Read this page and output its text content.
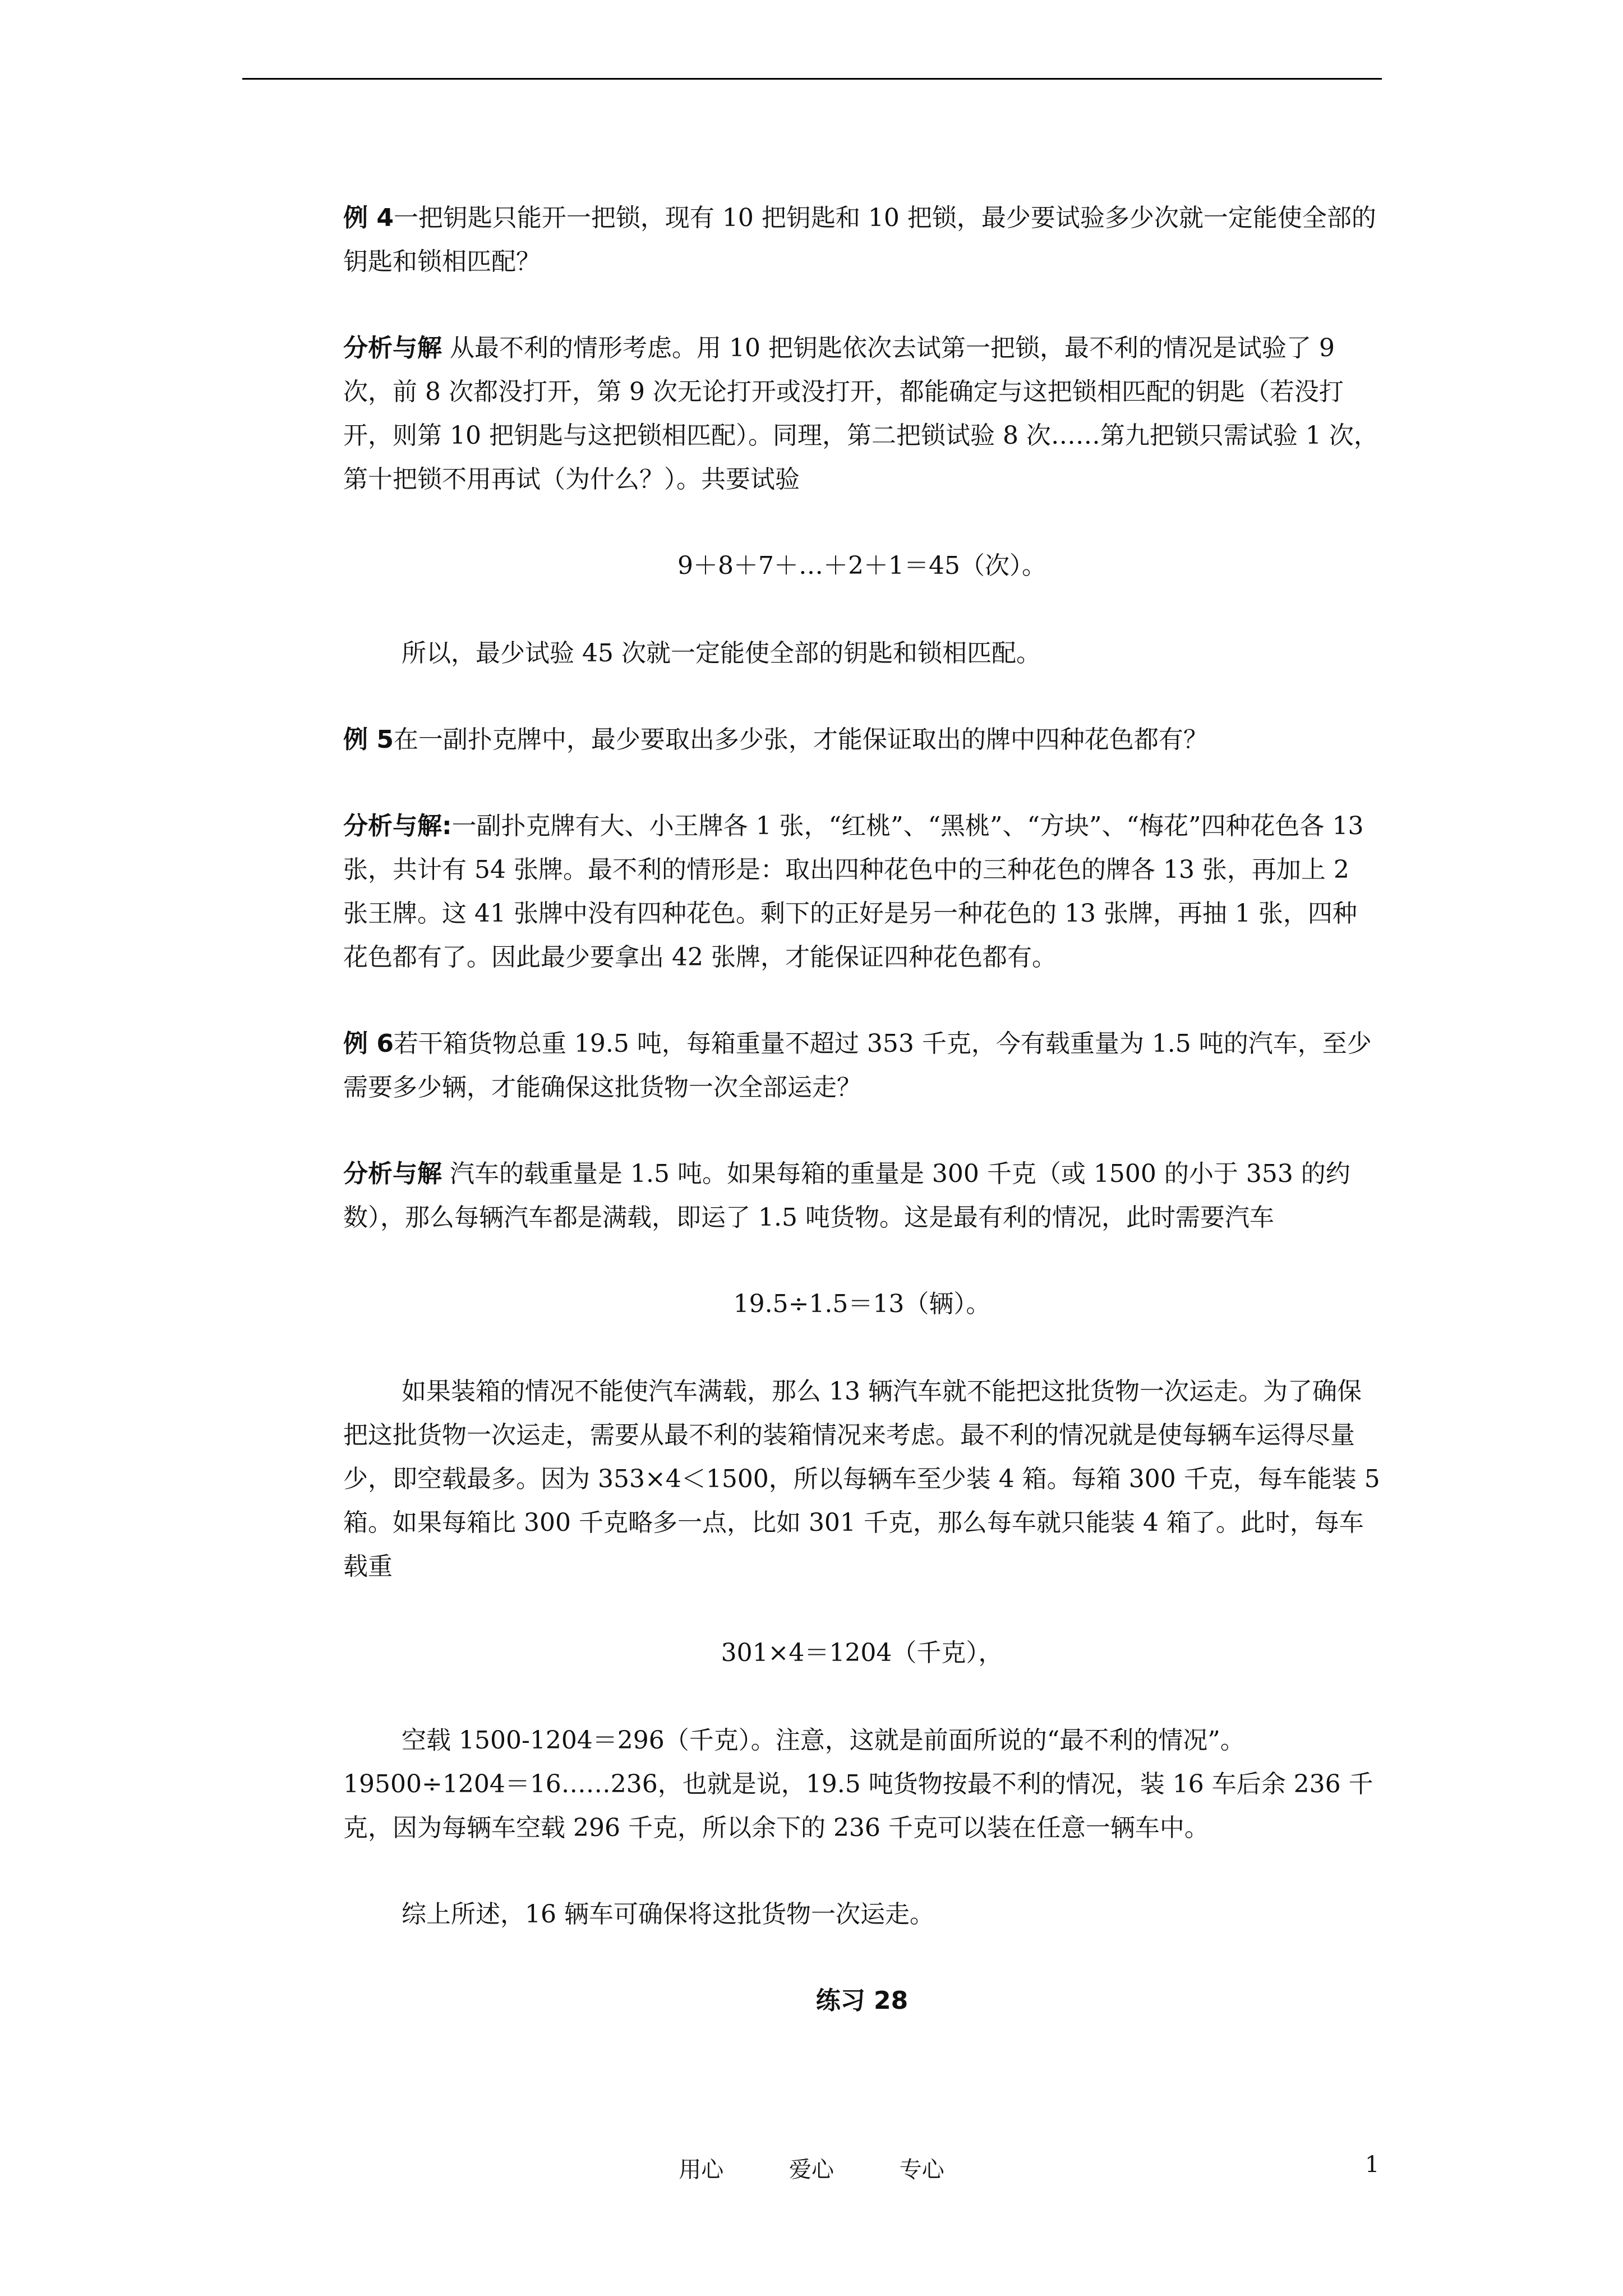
例 4一把钥匙只能开一把锁，现有 10 把钥匙和 10 把锁，最少要试验多少次就一定能使全部的钥匙和锁相匹配？

分析与解 从最不利的情形考虑。用 10 把钥匙依次去试第一把锁，最不利的情况是试验了 9 次，前 8 次都没打开，第 9 次无论打开或没打开，都能确定与这把锁相匹配的钥匙（若没打开，则第 10 把钥匙与这把锁相匹配）。同理，第二把锁试验 8 次……第九把锁只需试验 1 次，第十把锁不用再试（为什么？）。共要试验

9＋8＋7＋…＋2＋1＝45（次）。

所以，最少试验 45 次就一定能使全部的钥匙和锁相匹配。

例 5在一副扑克牌中，最少要取出多少张，才能保证取出的牌中四种花色都有？

分析与解:一副扑克牌有大、小王牌各 1 张，“红桃”、“黑桃”、“方块”、“梅花”四种花色各 13 张，共计有 54 张牌。最不利的情形是：取出四种花色中的三种花色的牌各 13 张，再加上 2 张王牌。这 41 张牌中没有四种花色。剩下的正好是另一种花色的 13 张牌，再抽 1 张，四种花色都有了。因此最少要拿出 42 张牌，才能保证四种花色都有。

例 6若干箱货物总重 19.5 吨，每箱重量不超过 353 千克，今有载重量为 1.5 吨的汽车，至少需要多少辆，才能确保这批货物一次全部运走？

分析与解 汽车的载重量是 1.5 吨。如果每箱的重量是 300 千克（或 1500 的小于 353 的约数），那么每辆汽车都是满载，即运了 1.5 吨货物。这是最有利的情况，此时需要汽车

19.5÷1.5＝13（辆）。

如果装箱的情况不能使汽车满载，那么 13 辆汽车就不能把这批货物一次运走。为了确保把这批货物一次运走，需要从最不利的装箱情况来考虑。最不利的情况就是使每辆车运得尽量少，即空载最多。因为 353×4＜1500，所以每辆车至少装 4 箱。每箱 300 千克，每车能装 5 箱。如果每箱比 300 千克略多一点，比如 301 千克，那么每车就只能装 4 箱了。此时，每车载重

301×4＝1204（千克），

空载 1500-1204＝296（千克）。注意，这就是前面所说的“最不利的情况”。19500÷1204＝16……236，也就是说，19.5 吨货物按最不利的情况，装 16 车后余 236 千克，因为每辆车空载 296 千克，所以余下的 236 千克可以装在任意一辆车中。

综上所述，16 辆车可确保将这批货物一次运走。

练习 28

用心	爱心	专心	1
